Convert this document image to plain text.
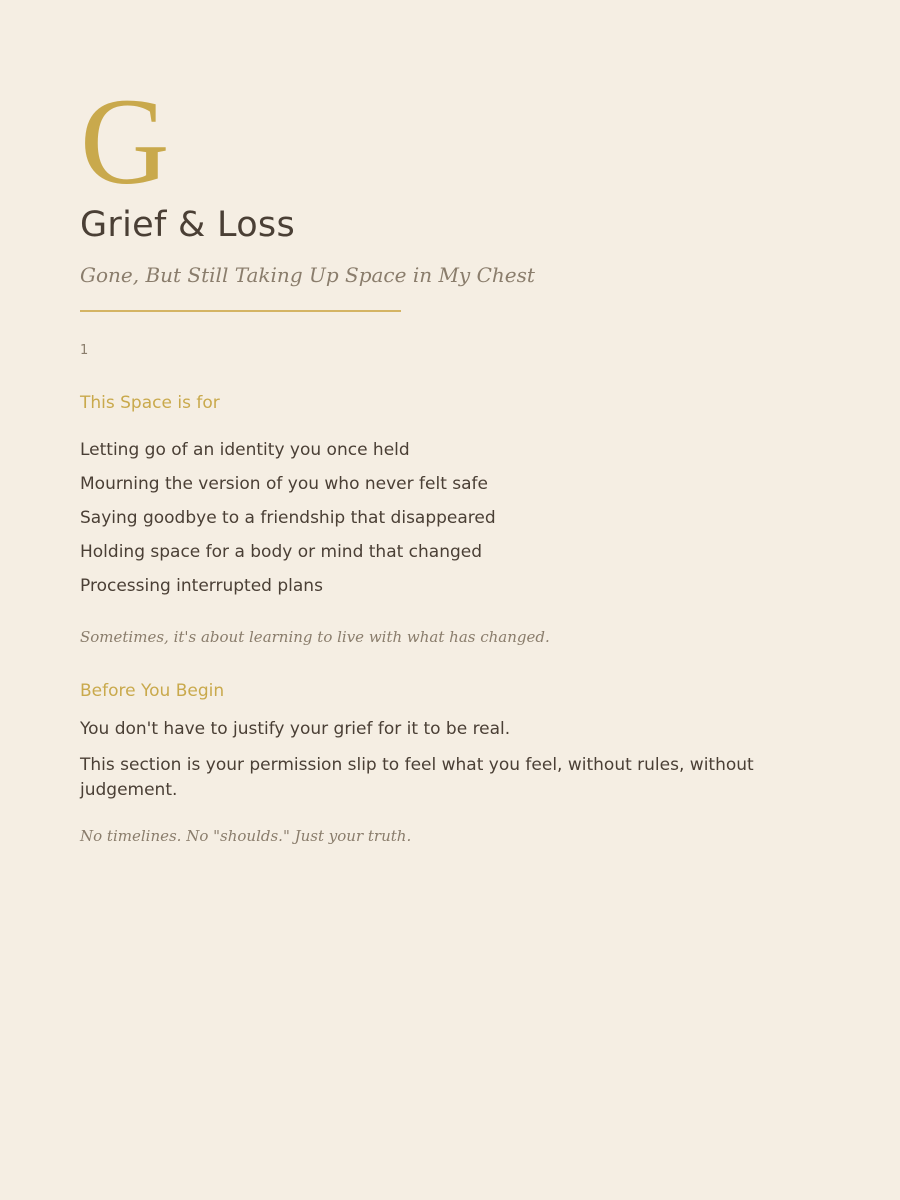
G
Grief & Loss

Gone, But Still Taking Up Space in My Chest

1
This Space is for
Letting go of an identity you once held
Mourning the version of you who never felt safe
Saying goodbye to a friendship that disappeared
Holding space for a body or mind that changed
Processing interrupted plans

Sometimes, it's about learning to live with what has changed.

Before You Begin

You don't have to justify your grief for it to be real.

This section is your permission slip to feel what you feel, without rules, without judgement.

No timelines. No "shoulds." Just your truth.
